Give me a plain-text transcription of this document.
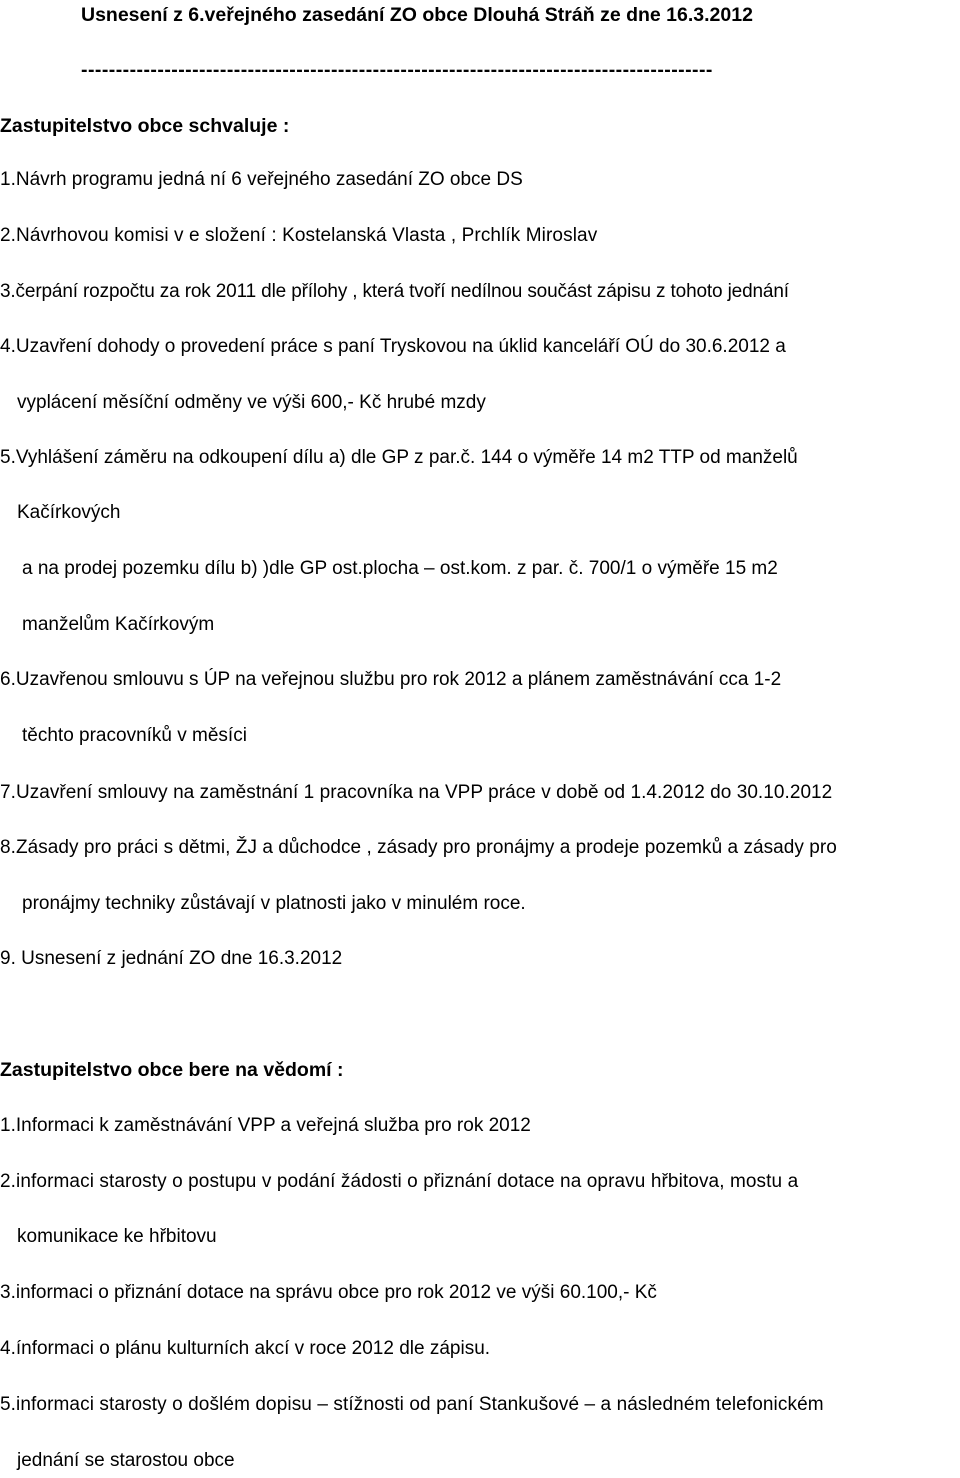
Usnesení z 6.veřejného zasedání ZO obce Dlouhá Stráň ze dne 16.3.2012
-------------------------------------------------------------------------------------------
Zastupitelstvo obce schvaluje :
1.Návrh programu jedná ní 6 veřejného zasedání ZO obce DS
2.Návrhovou komisi v e složení : Kostelanská Vlasta , Prchlík Miroslav
3.čerpání rozpočtu za rok 2011 dle přílohy , která tvoří nedílnou součást zápisu z tohoto jednání
4.Uzavření dohody o provedení práce s paní Tryskovou na úklid kanceláří OÚ do 30.6.2012 a
vyplácení měsíční odměny ve výši 600,- Kč hrubé mzdy
5.Vyhlášení záměru na odkoupení dílu a) dle GP z par.č. 144 o výměře 14 m2 TTP od manželů
Kačírkových
a na prodej pozemku dílu b) )dle GP ost.plocha – ost.kom. z par. č. 700/1 o výměře 15 m2
manželům Kačírkovým
6.Uzavřenou smlouvu s ÚP na veřejnou službu pro rok 2012 a plánem zaměstnávání cca 1-2
těchto pracovníků v měsíci
7.Uzavření smlouvy na zaměstnání 1 pracovníka na VPP práce v době od 1.4.2012 do 30.10.2012
8.Zásady pro práci s dětmi, ŽJ a důchodce , zásady pro pronájmy a prodeje pozemků a zásady pro
pronájmy techniky zůstávají v platnosti jako v minulém roce.
9. Usnesení z jednání ZO dne 16.3.2012
Zastupitelstvo obce bere na vědomí :
1.Informaci k zaměstnávání VPP a veřejná služba pro rok 2012
2.informaci starosty o postupu v podání žádosti o přiznání dotace na opravu hřbitova, mostu a
komunikace ke hřbitovu
3.informaci o přiznání dotace na správu obce pro rok 2012 ve výši 60.100,- Kč
4.ínformaci o plánu kulturních akcí v roce 2012 dle zápisu.
5.informaci starosty o došlém dopisu – stížnosti od paní Stankušové – a následném telefonickém
jednání se starostou obce
